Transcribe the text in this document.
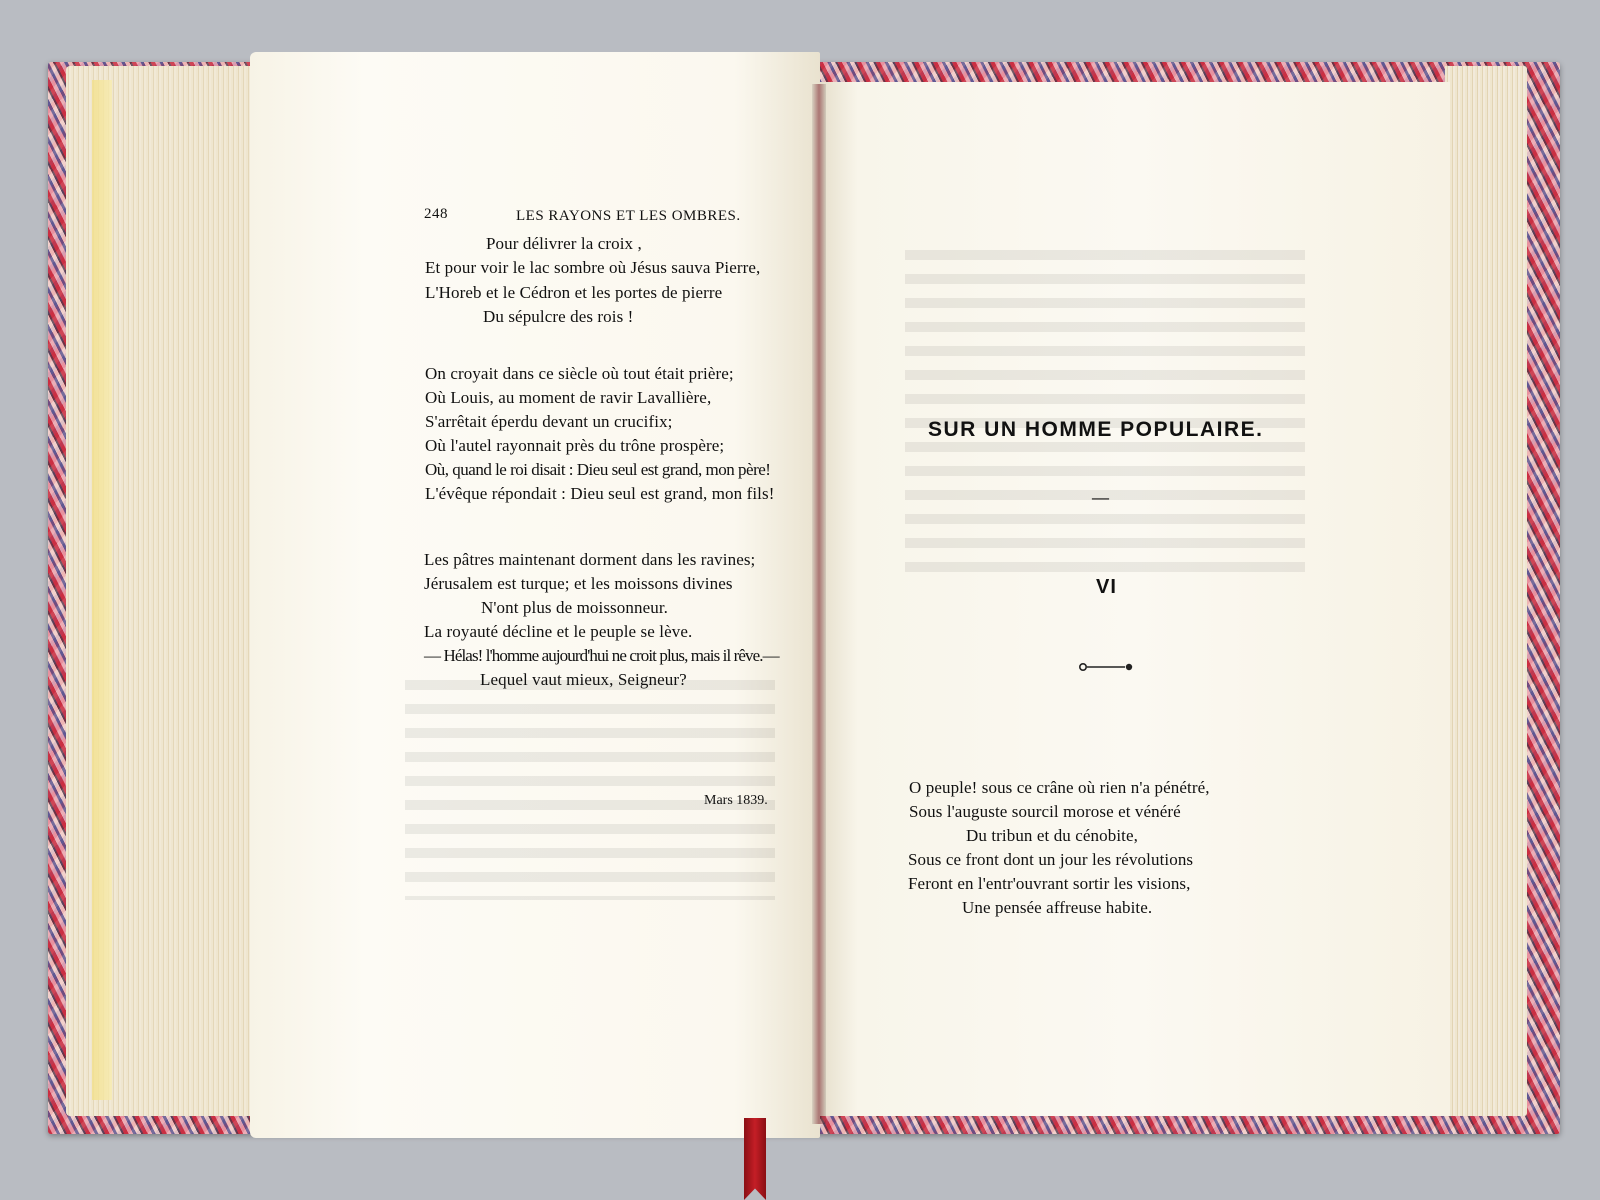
248	LES RAYONS ET LES OMBRES.
Pour délivrer la croix ,
Et pour voir le lac sombre où Jésus sauva Pierre,
L'Horeb et le Cédron et les portes de pierre
Du sépulcre des rois !
On croyait dans ce siècle où tout était prière;
Où Louis, au moment de ravir Lavallière,
S'arrêtait éperdu devant un crucifix;
Où l'autel rayonnait près du trône prospère;
Où, quand le roi disait : Dieu seul est grand, mon père!
L'évêque répondait : Dieu seul est grand, mon fils!
Les pâtres maintenant dorment dans les ravines;
Jérusalem est turque; et les moissons divines
N'ont plus de moissonneur.
La royauté décline et le peuple se lève.
— Hélas! l'homme aujourd'hui ne croit plus, mais il rêve.—
Lequel vaut mieux, Seigneur?
Mars 1839.
SUR UN HOMME POPULAIRE.
—
VI
O peuple! sous ce crâne où rien n'a pénétré,
Sous l'auguste sourcil morose et vénéré
Du tribun et du cénobite,
Sous ce front dont un jour les révolutions
Feront en l'entr'ouvrant sortir les visions,
Une pensée affreuse habite.
